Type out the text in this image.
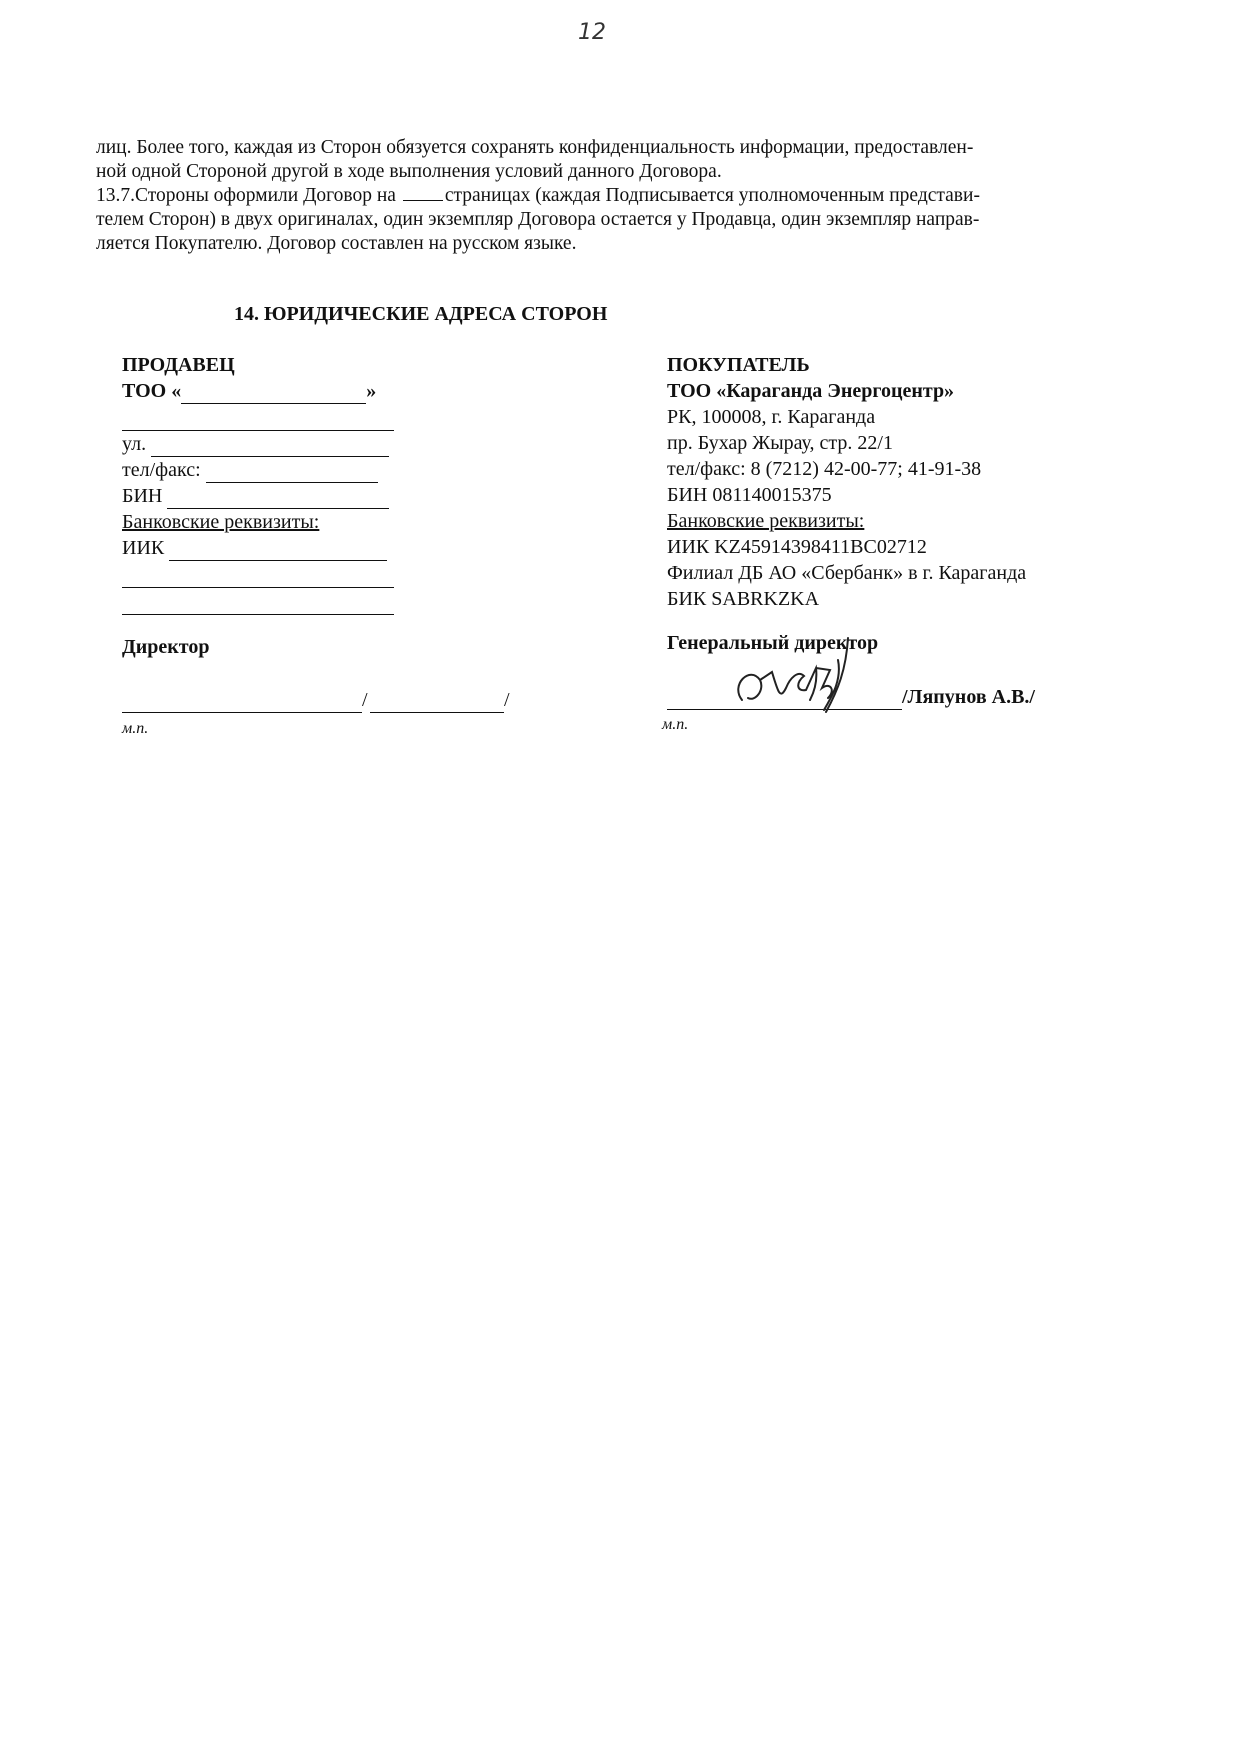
12

лиц. Более того, каждая из Сторон обязуется сохранять конфиденциальность информации, предоставлен-

ной одной Стороной другой в ходе выполнения условий данного Договора.

13.7.Стороны оформили Договор на	страницах (каждая Подписывается уполномоченным представи-

телем Сторон) в двух оригиналах, один экземпляр Договора остается у Продавца, один экземпляр направ-

ляется Покупателю. Договор составлен на русском языке.

14. ЮРИДИЧЕСКИЕ АДРЕСА СТОРОН
ПРОДАВЕЦ
ТОО «	»
ул.
тел/факс:
БИН
Банковские реквизиты:
ИИК
Директор
/	/
м.п.
ПОКУПАТЕЛЬ
ТОО «Караганда Энергоцентр»
РК, 100008, г. Караганда
пр. Бухар Жырау, стр. 22/1
тел/факс: 8 (7212) 42-00-77; 41-91-38
БИН 081140015375
Банковские реквизиты:
ИИК KZ45914398411BC02712
Филиал ДБ АО «Сбербанк» в г. Караганда
БИК SABRKZKA
Генеральный директор
/Ляпунов А.В./
м.п.
